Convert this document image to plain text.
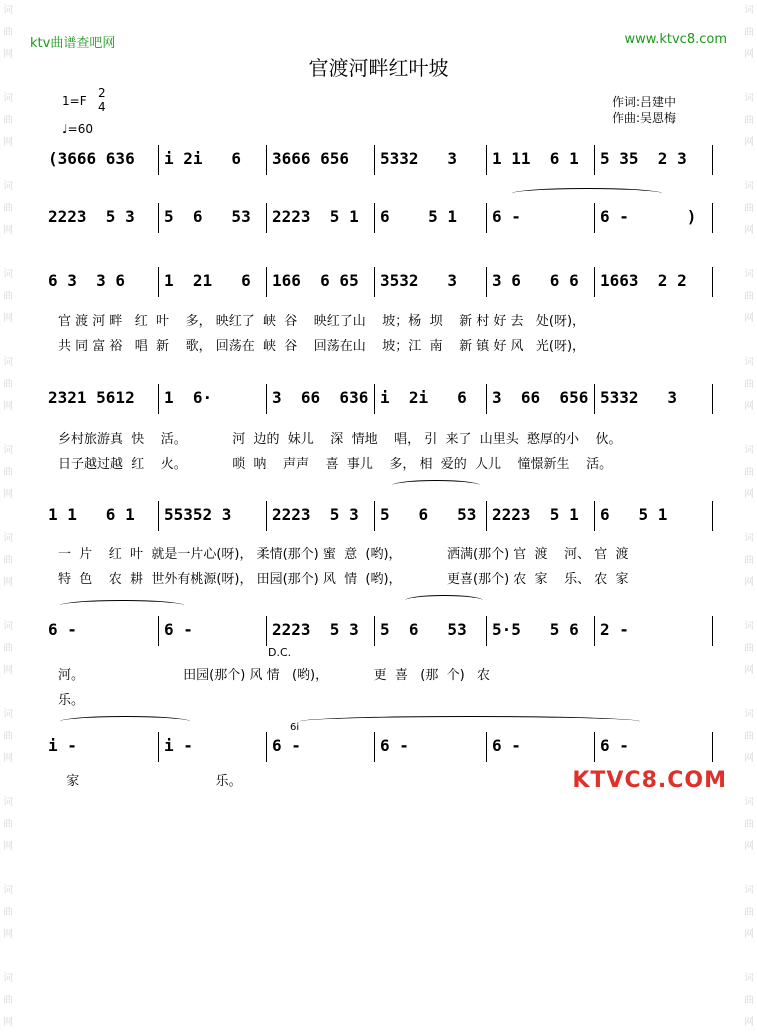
词
曲
网

词
曲
网

词
曲
网

词
曲
网

词
曲
网

词
曲
网

词
曲
网

词
曲
网

词
曲
网

词
曲
网

词
曲
网

词
曲
网

词
曲
网

词
曲
网

词
曲
网

词
曲
网

词
曲
网

词
曲
网

词
曲
网

词
曲
网

词
曲
网

词
曲
网

词
曲
网

词
曲
网

ktv曲谱查吧网	www.ktvc8.com
官渡河畔红叶坡
1=F
2
4
♩=60
作词:吕建中
作曲:吴恩梅
(3666 636 i 2i   6 3666 656 5332   3 1 11  6 1 5 35  2 3
2223  5 3 5  6   53 2223  5 1 6    5 1 6 -	6 -      )
6 3  3 6 1  21   6 166  6 65 3532   3 3 6   6 6 1663  2 2
2321 5612 1  6·	3  66  636 i  2i   6 3  66  656 5332   3
1 1   6 1 55352 3	2223  5 3 5   6   53 2223  5 1 6   5 1
6 -	6 -	2223  5 3 5  6   53 5·5   5 6 2 -
i -	i -	6 -	6 -	6 -	6 -
D.C.
6i
官 渡 河 畔   红  叶    多， 映红了  峡  谷    映红了山    坡；杨  坝    新 村 好 去   处(呀)，
共 同 富 裕   唱  新    歌， 回荡在  峡  谷    回荡在山    坡；江  南    新 镇 好 风   光(呀)，
乡村旅游真  快    活。           河  边的  妹儿    深  情地    唱， 引  来了  山里头  憨厚的小    伙。
日子越过越  红    火。           唢  呐    声声    喜  事儿    多， 相  爱的  人儿    憧憬新生    活。
一  片    红  叶  就是一片心(呀)， 柔情(那个) 蜜  意  (哟)，           洒满(那个) 官  渡    河、 官  渡
特  色    农  耕  世外有桃源(呀)， 田园(那个) 风  情  (哟)，           更喜(那个) 农  家    乐、 农  家
河。                        田园(那个) 风 情   (哟)，           更  喜   (那  个)   农
乐。
家                                 乐。	KTVC8.COM
